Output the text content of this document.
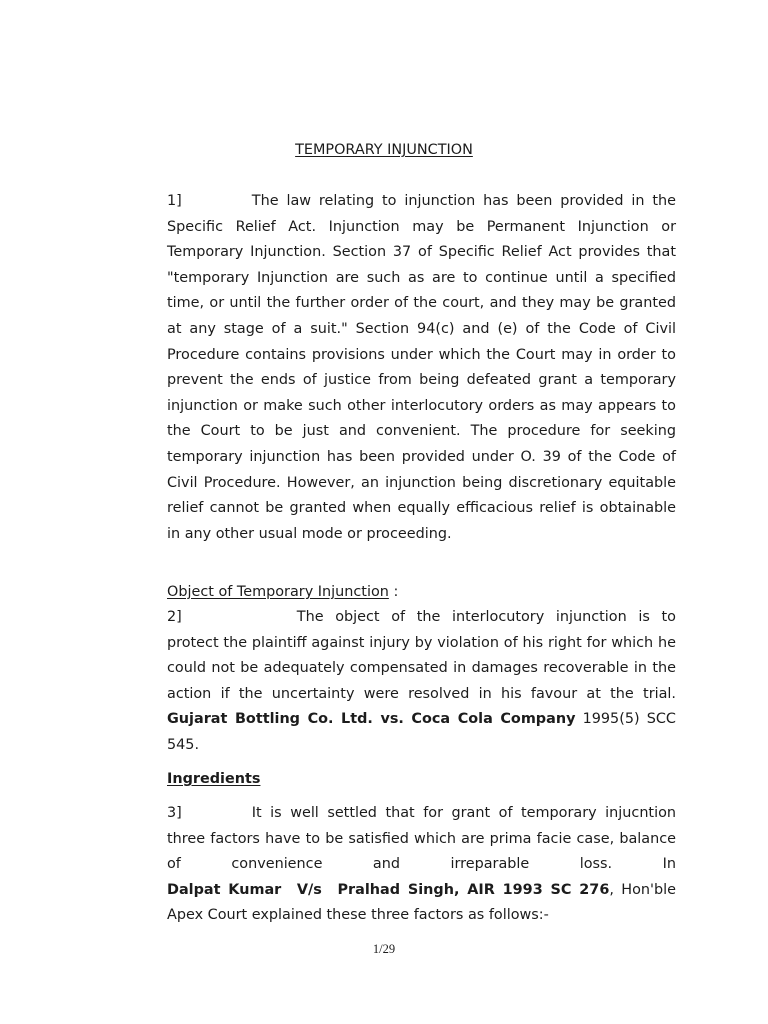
TEMPORARY INJUNCTION

1]	The law relating to injunction has been provided in the Specific Relief Act. Injunction may be Permanent Injunction or Temporary Injunction. Section 37 of Specific Relief Act provides that "temporary Injunction are such as are to continue until a specified time, or until the further order of the court, and they may be granted at any stage of a suit." Section 94(c) and (e) of the Code of Civil Procedure contains provisions under which the Court may in order to prevent the ends of justice from being defeated grant a temporary injunction or make such other interlocutory orders as may appears to the Court to be just and convenient. The procedure for seeking temporary injunction has been provided under O. 39 of the Code of Civil Procedure. However, an injunction being discretionary equitable relief cannot be granted when equally efficacious relief is obtainable in any other usual mode or proceeding.

Object of Temporary Injunction :

2]	The object of the interlocutory injunction is to protect the plaintiff against injury by violation of his right for which he could not be adequately compensated in damages recoverable in the action if the uncertainty were resolved in his favour at the trial. Gujarat Bottling Co. Ltd. vs. Coca Cola Company 1995(5) SCC 545.

Ingredients

3]	It is well settled that for grant of temporary injucntion three factors have to be satisfied which are prima facie case, balance of convenience and irreparable loss. In Dalpat Kumar  V/s  Pralhad Singh, AIR 1993 SC 276, Hon'ble Apex Court explained these three factors as follows:-

1/29
